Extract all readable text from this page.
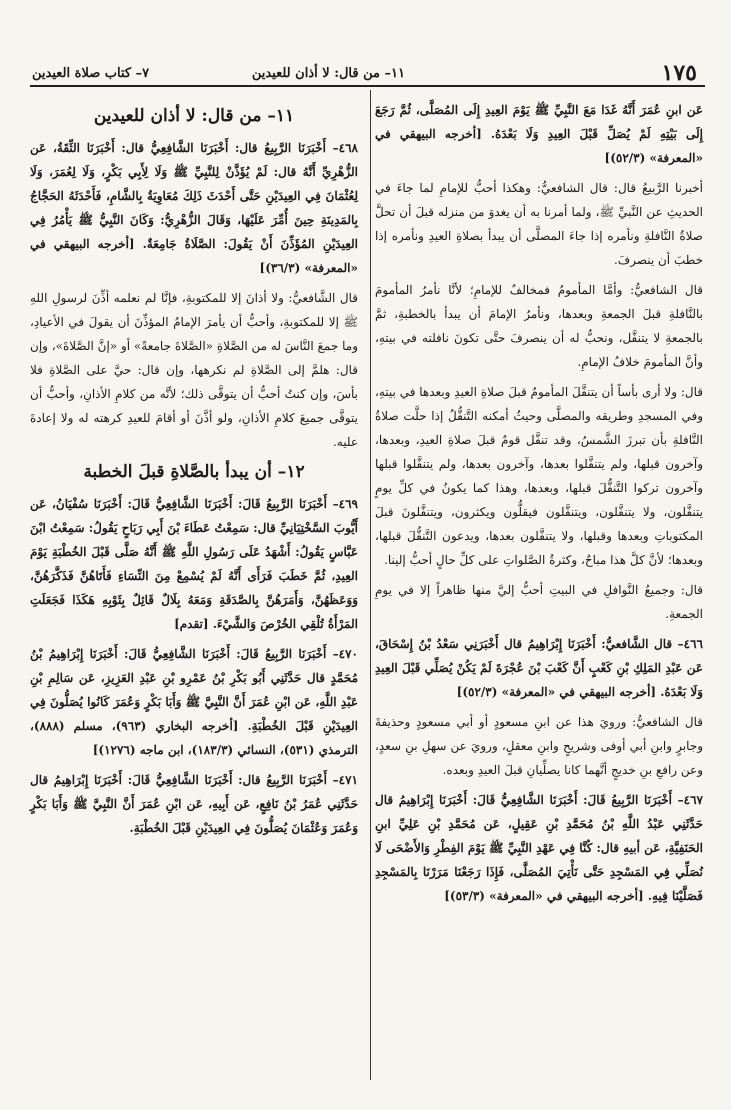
١٧٥
١١– من قال: لا أذان للعيدين
٧– كتاب صلاة العيدين

عَن ابنِ عُمَرَ أَنَّهُ غَدَا مَعَ النَّبِيِّ ﷺ يَوْمَ العِيدِ إِلَى المُصَلَّى، ثُمَّ رَجَعَ إِلَى بَيْتِهِ لَمْ يُصَلِّ قَبْلَ العِيدِ وَلَا بَعْدَهُ. [أخرجه البيهقي في «المعرفة» (٥٢/٣)]

أخبرنا الرَّبيعُ قال: قال الشافعيُّ: وهكذا أحبُّ للإمامِ لما جاءَ في الحديثِ عن النَّبيِّ ﷺ، ولما أمرنا به أن يغدوَ من منزله قبلَ أن تحلَّ صلاةُ النَّافلةِ ونأمره إذا جاءَ المصلَّى أن يبدأ بصلاةِ العيدِ ونأمره إذا خطبَ أن ينصرفَ.

قال الشافعيُّ: وأمَّا المأمومُ فمخالفٌ للإمامِ؛ لأنَّا نأمرُ المأمومَ بالنَّافلةِ قبلَ الجمعةِ وبعدها، ونأمرُ الإمامَ أن يبدأ بالخطبةِ، ثمَّ بالجمعةِ لا يتنفَّل، ونحبُّ له أن ينصرفَ حتَّى تكونَ نافلته في بيتهِ، وأنَّ المأمومَ خلافُ الإمامِ.

قال: ولا أرى بأساً أن يتنفَّلَ المأمومُ قبلَ صلاةِ العيدِ وبعدها في بيتهِ، وفي المسجدِ وطريقه والمصلَّى وحيثُ أمكنه التَّنفُّلُ إذا حلَّت صلاةُ النَّافلةِ بأن تبرزَ الشَّمسُ، وقد تنفَّل قومٌ قبلَ صلاةِ العيدِ، وبعدها، وآخرون قبلها، ولم يتنفَّلوا بعدها، وآخرون بعدها، ولم يتنفَّلوا قبلها وآخرون تركوا التَّنفُّلَ قبلها، وبعدها، وهذا كما يكونُ في كلِّ يومٍ يتنفَّلون، ولا يتنفَّلون، ويتنفَّلون فيقلُّون ويكثرون، ويتنفَّلونَ قبلَ المكتوباتِ وبعدها وقبلها، ولا يتنفَّلون بعدها، ويدعون التَّنفُّلَ قبلها، وبعدها؛ لأنَّ كلَّ هذا مباحٌ، وكثرةُ الصَّلواتِ على كلِّ حالٍ أحبُّ إلينا.

قال: وجميعُ النَّوافلِ في البيتِ أحبُّ إليَّ منها ظاهراً إلا في يومِ الجمعةِ.

٤٦٦– قال الشَّافعيُّ: أَخْبَرَنَا إِبْرَاهِيمُ قال أَخْبَرَنِي سَعْدُ بْنُ إِسْحَاقَ، عَن عَبْدِ المَلِكِ بْنِ كَعْبٍ أَنَّ كَعْبَ بْنَ عُجْرَةَ لَمْ يَكُنْ يُصَلِّي قَبْلَ العِيدِ وَلَا بَعْدَهُ. [أخرجه البيهقي في «المعرفة» (٥٢/٣)]

قال الشافعيُّ: ورويَ هذا عن ابنِ مسعودٍ أو أبي مسعودٍ وحذيفةَ وجابرٍ وابنِ أبي أوفى وشريحٍ وابنِ معقلٍ، ورويَ عن سهلِ بنِ سعدٍ، وعن رافعِ بنِ خديجٍ أنَّهما كانا يصلِّيانِ قبلَ العيدِ وبعده.

٤٦٧– أَخْبَرَنَا الرَّبِيعُ قَالَ: أَخْبَرَنَا الشَّافِعِيُّ قَالَ: أَخْبَرَنَا إِبْرَاهِيمُ قال حَدَّثَنِي عَبْدُ اللَّهِ بْنُ مُحَمَّدِ بْنِ عَقِيلٍ، عَن مُحَمَّدِ بْنِ عَلِيِّ ابنِ الحَنَفِيَّةِ، عَن أبيهِ قال: كُنَّا فِي عَهْدِ النَّبِيِّ ﷺ يَوْمَ الفِطْرِ وَالأَضْحَى لَا نُصَلِّي فِي المَسْجِدِ حَتَّى نَأْتِيَ المُصَلَّى، فَإِذَا رَجَعْنَا مَرَرْنَا بِالمَسْجِدِ فَصَلَّيْنَا فِيهِ. [أخرجه البيهقي في «المعرفة» (٥٣/٣)]

١١– من قال: لا أذان للعيدين

٤٦٨– أَخْبَرَنَا الرَّبِيعُ قال: أَخْبَرَنَا الشَّافِعِيُّ قال: أَخْبَرَنَا الثِّقَةُ، عَن الزُّهْرِيِّ أَنَّهُ قال: لَمْ يُؤَذَّنْ لِلنَّبِيِّ ﷺ وَلَا لِأَبِي بَكْرٍ، وَلَا لِعُمَرَ، وَلَا لِعُثْمَانَ فِي العِيدَيْنِ حَتَّى أَحْدَثَ ذَلِكَ مُعَاوِيَةُ بِالشَّامِ، فَأَحْدَثَهُ الحَجَّاجُ بِالمَدِينَةِ حِينَ أُمِّرَ عَلَيْهَا، وَقَالَ الزُّهْرِيُّ: وَكَانَ النَّبِيُّ ﷺ يَأْمُرُ فِي العِيدَيْنِ المُؤَذِّنَ أَنْ يَقُولَ: الصَّلَاةُ جَامِعَةٌ. [أخرجه البيهقي في «المعرفة» (٣٦/٣)]

قال الشَّافعيُّ: ولا أذانَ إلا للمكتوبةِ، فإنَّا لم نعلمه أذِّنَ لرسولِ اللهِ ﷺ إلا للمكتوبةِ، وأحبُّ أن يأمرَ الإمامُ المؤذِّنَ أن يقولَ في الأعيادِ، وما جمعَ النَّاسَ له من الصَّلاةِ «الصَّلاةَ جامعةً» أو «إنَّ الصَّلاةَ»، وإن قال: هلمَّ إلى الصَّلاةِ لم نكرهها، وإن قال: حيَّ على الصَّلاةِ فلا بأسَ، وإن كنتُ أحبُّ أن يتوقَّى ذلك؛ لأنَّه من كلامِ الأذانِ، وأحبُّ أن يتوقَّى جميعَ كلامِ الأذانِ، ولو أذَّنَ أو أقامَ للعيدِ كرهته له ولا إعادةَ عليه.

١٢– أن يبدأ بالصَّلاةِ قبلَ الخطبة

٤٦٩– أَخْبَرَنَا الرَّبِيعُ قَالَ: أَخْبَرَنَا الشَّافِعِيُّ قَالَ: أَخْبَرَنَا سُفْيَانُ، عَن أَيُّوبَ السَّخْتِيَانِيِّ قال: سَمِعْتُ عَطَاءَ بْنَ أَبِي رَبَاحٍ يَقُولُ: سَمِعْتُ ابْنَ عَبَّاسٍ يَقُولُ: أَشْهَدُ عَلَى رَسُولِ اللَّهِ ﷺ أَنَّهُ صَلَّى قَبْلَ الخُطْبَةِ يَوْمَ العِيدِ، ثُمَّ خَطَبَ فَرَأَى أَنَّهُ لَمْ يُسْمِعْ مِنَ النِّسَاءِ فَأَتَاهُنَّ فَذَكَّرَهُنَّ، وَوَعَظَهُنَّ، وَأَمَرَهُنَّ بِالصَّدَقَةِ وَمَعَهُ بِلَالٌ قَائِلٌ بِثَوْبِهِ هَكَذَا فَجَعَلَتِ المَرْأَةُ تُلْقِي الخُرْصَ وَالشَّيْءَ. [تقدم]

٤٧٠– أَخْبَرَنَا الرَّبِيعُ قَالَ: أَخْبَرَنَا الشَّافِعِيُّ قَالَ: أَخْبَرَنَا إِبْرَاهِيمُ بْنُ مُحَمَّدٍ قال حَدَّثَنِي أَبُو بَكْرِ بْنُ عَمْرِو بْنِ عَبْدِ العَزِيزِ، عَن سَالِمِ بْنِ عَبْدِ اللَّهِ، عَن ابْنِ عُمَرَ أَنَّ النَّبِيَّ ﷺ وَأَبَا بَكْرٍ وَعُمَرَ كَانُوا يُصَلُّونَ فِي العِيدَيْنِ قَبْلَ الخُطْبَةِ. [أخرجه البخاري (٩٦٣)، مسلم (٨٨٨)، الترمذي (٥٣١)، النسائي (١٨٣/٣)، ابن ماجه (١٢٧٦)]

٤٧١– أَخْبَرَنَا الرَّبِيعُ قال: أَخْبَرَنَا الشَّافِعِيُّ قَالَ: أَخْبَرَنَا إِبْرَاهِيمُ قال حَدَّثَنِي عُمَرُ بْنُ نَافِعٍ، عَن أَبِيهِ، عَن ابْنِ عُمَرَ أَنَّ النَّبِيَّ ﷺ وَأَبَا بَكْرٍ وَعُمَرَ وَعُثْمَانَ يُصَلُّونَ فِي العِيدَيْنِ قَبْلَ الخُطْبَةِ.
